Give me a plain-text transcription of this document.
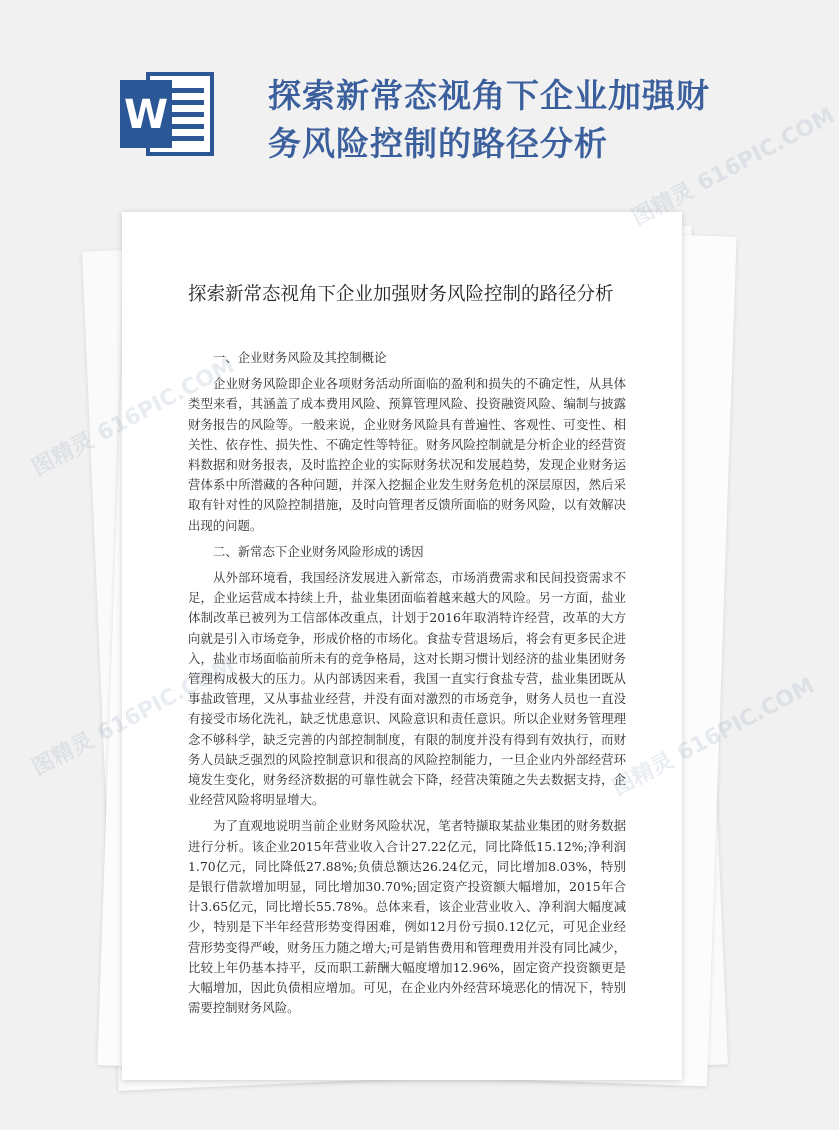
W	探索新常态视角下企业加强财务风险控制的路径分析
探索新常态视角下企业加强财务风险控制的路径分析

一、企业财务风险及其控制概论

企业财务风险即企业各项财务活动所面临的盈利和损失的不确定性，从具体类型来看，其涵盖了成本费用风险、预算管理风险、投资融资风险、编制与披露财务报告的风险等。一般来说，企业财务风险具有普遍性、客观性、可变性、相关性、依存性、损失性、不确定性等特征。财务风险控制就是分析企业的经营资料数据和财务报表，及时监控企业的实际财务状况和发展趋势，发现企业财务运营体系中所潜藏的各种问题，并深入挖掘企业发生财务危机的深层原因，然后采取有针对性的风险控制措施，及时向管理者反馈所面临的财务风险，以有效解决出现的问题。

二、新常态下企业财务风险形成的诱因

从外部环境看，我国经济发展进入新常态，市场消费需求和民间投资需求不足，企业运营成本持续上升，盐业集团面临着越来越大的风险。另一方面，盐业体制改革已被列为工信部体改重点，计划于2016年取消特许经营，改革的大方向就是引入市场竞争，形成价格的市场化。食盐专营退场后，将会有更多民企进入，盐业市场面临前所未有的竞争格局，这对长期习惯计划经济的盐业集团财务管理构成极大的压力。从内部诱因来看，我国一直实行食盐专营，盐业集团既从事盐政管理，又从事盐业经营，并没有面对激烈的市场竞争，财务人员也一直没有接受市场化洗礼，缺乏忧患意识、风险意识和责任意识。所以企业财务管理理念不够科学，缺乏完善的内部控制制度，有限的制度并没有得到有效执行，而财务人员缺乏强烈的风险控制意识和很高的风险控制能力，一旦企业内外部经营环境发生变化，财务经济数据的可靠性就会下降，经营决策随之失去数据支持，企业经营风险将明显增大。

为了直观地说明当前企业财务风险状况，笔者特撷取某盐业集团的财务数据进行分析。该企业2015年营业收入合计27.22亿元，同比降低15.12%;净利润1.70亿元，同比降低27.88%;负债总额达26.24亿元，同比增加8.03%，特别是银行借款增加明显，同比增加30.70%;固定资产投资额大幅增加，2015年合计3.65亿元，同比增长55.78%。总体来看，该企业营业收入、净利润大幅度减少，特别是下半年经营形势变得困难，例如12月份亏损0.12亿元，可见企业经营形势变得严峻，财务压力随之增大;可是销售费用和管理费用并没有同比减少，比较上年仍基本持平，反而职工薪酬大幅度增加12.96%，固定资产投资额更是大幅增加，因此负债相应增加。可见，在企业内外经营环境恶化的情况下，特别需要控制财务风险。

图精灵
图精灵 616PIC.COM
图精灵	616PIC.COM
